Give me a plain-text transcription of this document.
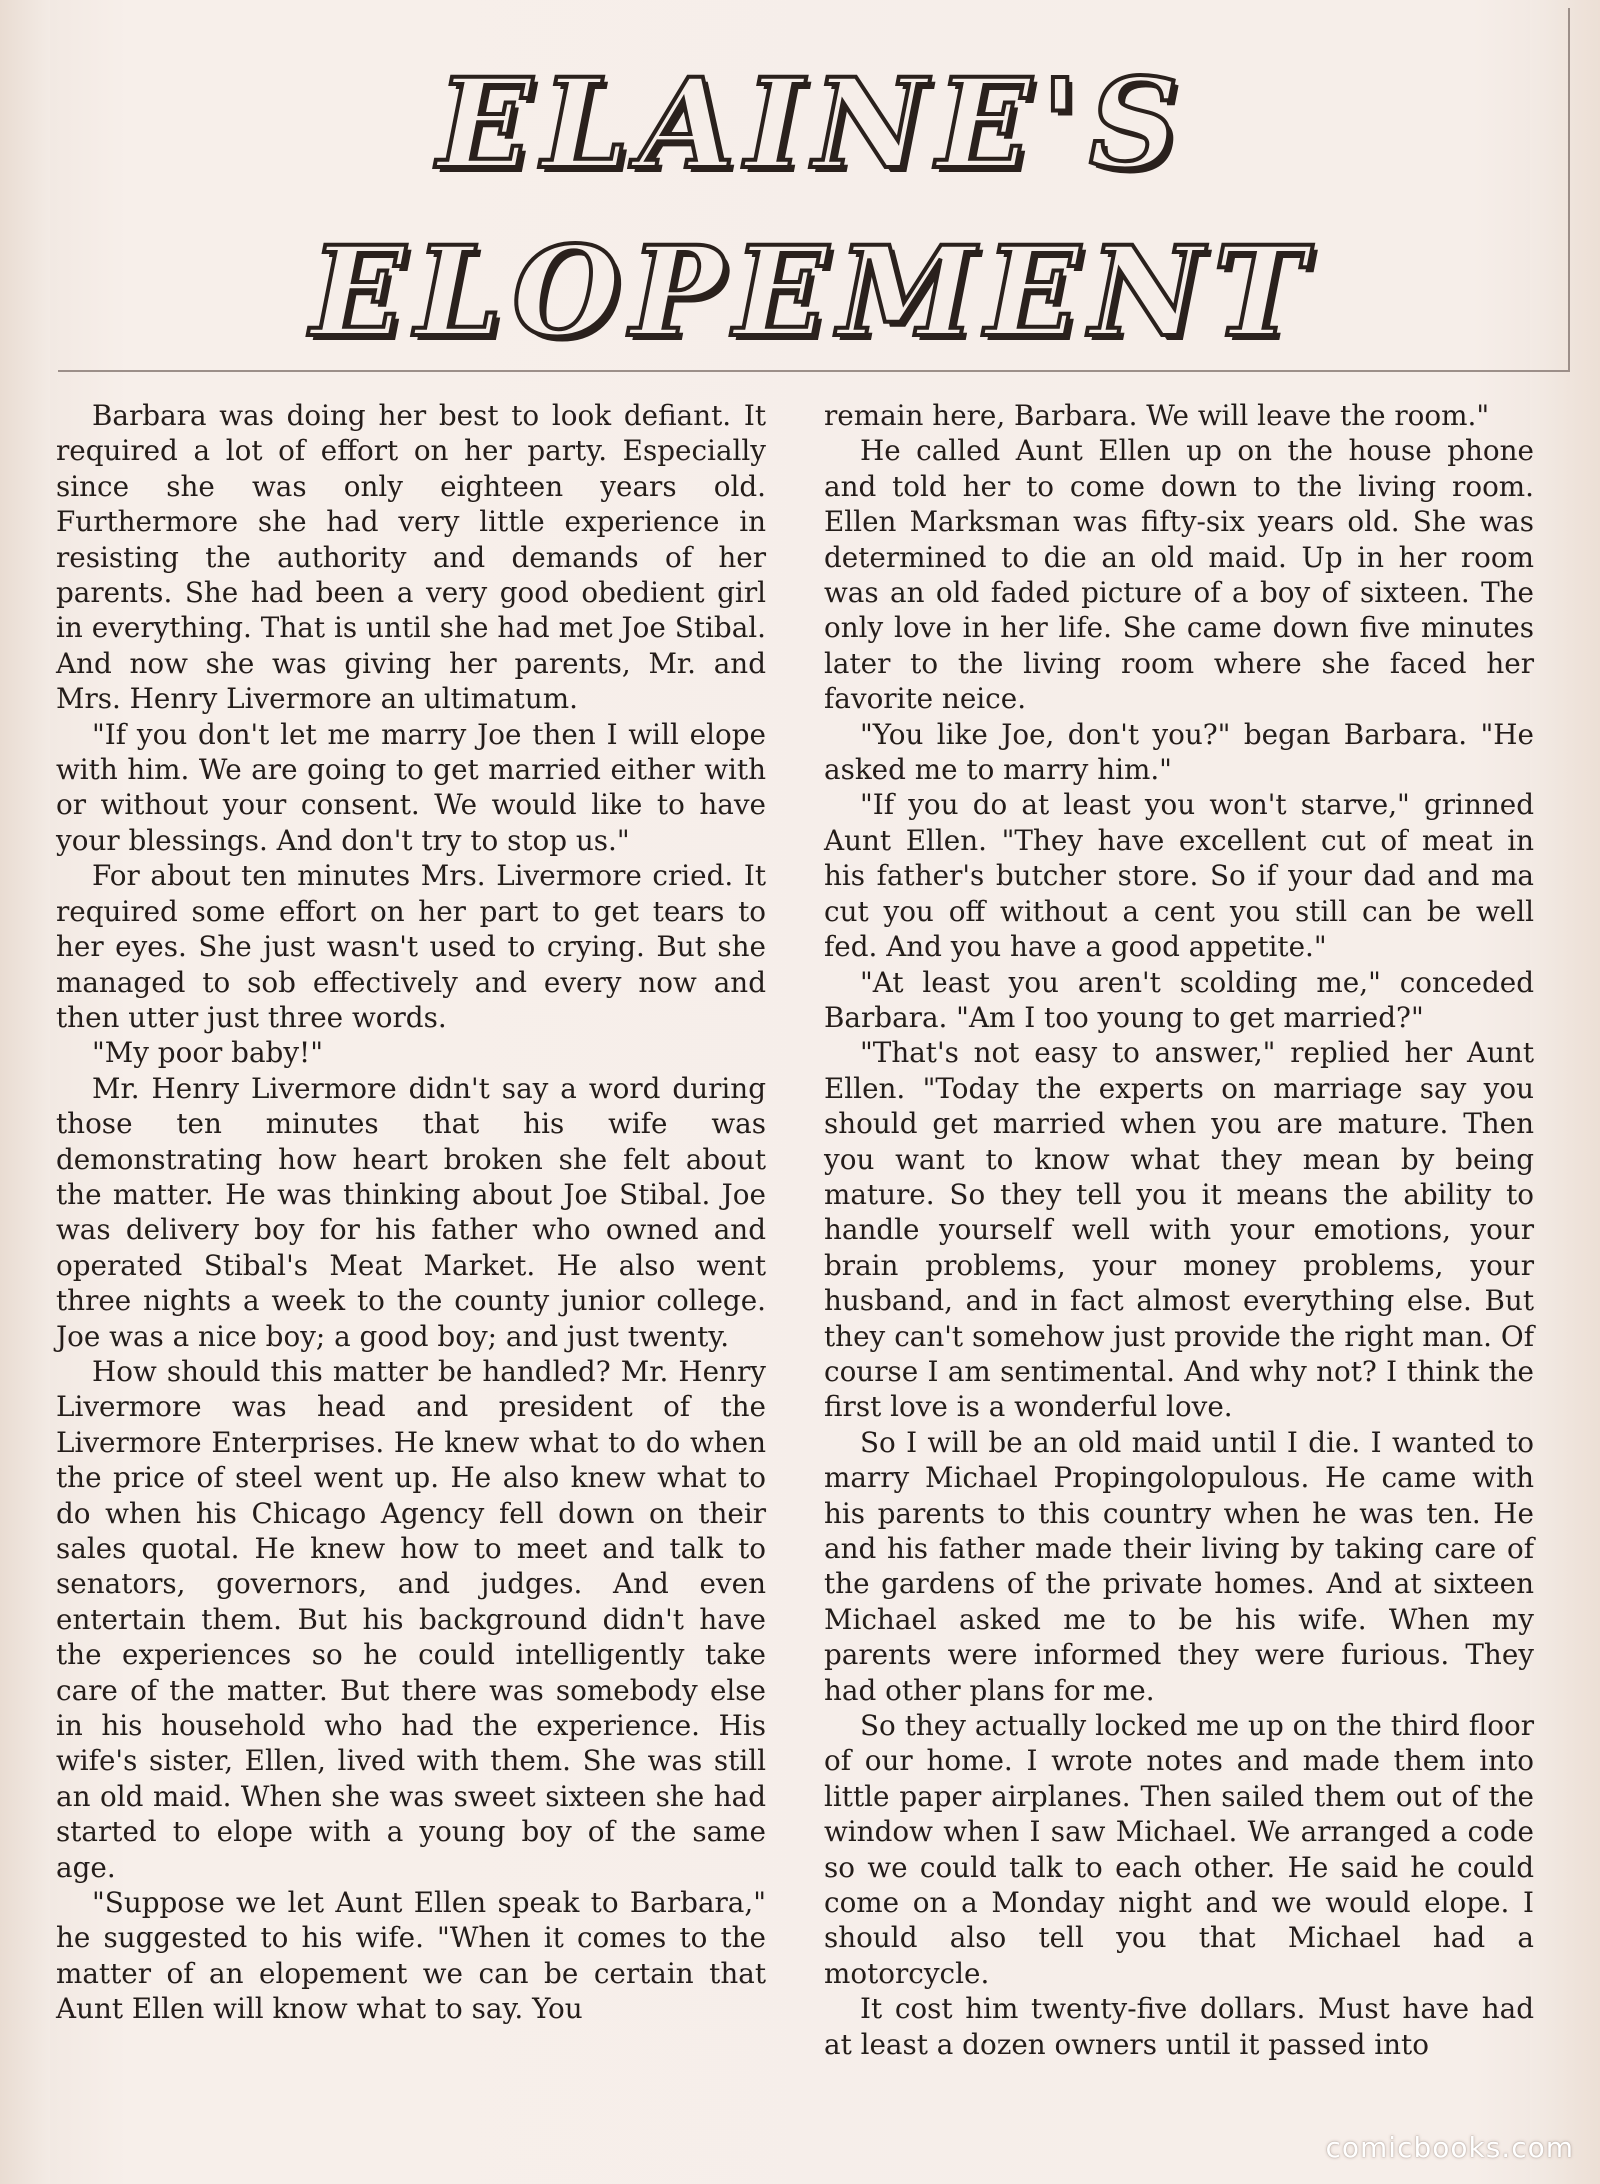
ELAINE'S
ELOPEMENT

Barbara was doing her best to look defiant. It required a lot of effort on her party. Especially since she was only eighteen years old. Furthermore she had very little experience in resisting the authority and demands of her parents. She had been a very good obedient girl in everything. That is until she had met Joe Stibal. And now she was giving her parents, Mr. and Mrs. Henry Livermore an ultimatum.

"If you don't let me marry Joe then I will elope with him. We are going to get married either with or without your consent. We would like to have your blessings. And don't try to stop us."

For about ten minutes Mrs. Livermore cried. It required some effort on her part to get tears to her eyes. She just wasn't used to crying. But she managed to sob effectively and every now and then utter just three words.

"My poor baby!"

Mr. Henry Livermore didn't say a word during those ten minutes that his wife was demonstrating how heart broken she felt about the matter. He was thinking about Joe Stibal. Joe was delivery boy for his father who owned and operated Stibal's Meat Market. He also went three nights a week to the county junior college. Joe was a nice boy; a good boy; and just twenty.

How should this matter be handled? Mr. Henry Livermore was head and president of the Livermore Enterprises. He knew what to do when the price of steel went up. He also knew what to do when his Chicago Agency fell down on their sales quotal. He knew how to meet and talk to senators, governors, and judges. And even entertain them. But his background didn't have the experiences so he could intelligently take care of the matter. But there was somebody else in his household who had the experience. His wife's sister, Ellen, lived with them. She was still an old maid. When she was sweet sixteen she had started to elope with a young boy of the same age.

"Suppose we let Aunt Ellen speak to Barbara," he suggested to his wife. "When it comes to the matter of an elopement we can be certain that Aunt Ellen will know what to say. You

remain here, Barbara. We will leave the room."

He called Aunt Ellen up on the house phone and told her to come down to the living room. Ellen Marksman was fifty-six years old. She was determined to die an old maid. Up in her room was an old faded picture of a boy of sixteen. The only love in her life. She came down five minutes later to the living room where she faced her favorite neice.

"You like Joe, don't you?" began Barbara. "He asked me to marry him."

"If you do at least you won't starve," grinned Aunt Ellen. "They have excellent cut of meat in his father's butcher store. So if your dad and ma cut you off without a cent you still can be well fed. And you have a good appetite."

"At least you aren't scolding me," conceded Barbara. "Am I too young to get married?"

"That's not easy to answer," replied her Aunt Ellen. "Today the experts on marriage say you should get married when you are mature. Then you want to know what they mean by being mature. So they tell you it means the ability to handle yourself well with your emotions, your brain problems, your money problems, your husband, and in fact almost everything else. But they can't somehow just provide the right man. Of course I am sentimental. And why not? I think the first love is a wonderful love.

So I will be an old maid until I die. I wanted to marry Michael Propingolopulous. He came with his parents to this country when he was ten. He and his father made their living by taking care of the gardens of the private homes. And at sixteen Michael asked me to be his wife. When my parents were informed they were furious. They had other plans for me.

So they actually locked me up on the third floor of our home. I wrote notes and made them into little paper airplanes. Then sailed them out of the window when I saw Michael. We arranged a code so we could talk to each other. He said he could come on a Monday night and we would elope. I should also tell you that Michael had a motorcycle.

It cost him twenty-five dollars. Must have had at least a dozen owners until it passed into

comicbooks.com
